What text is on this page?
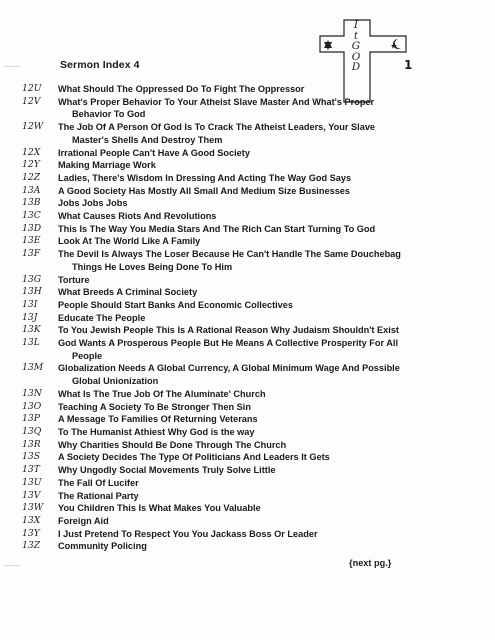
Sermon Index 4
I
t
G
O
D	1
12U	What Should The Oppressed Do To Fight The Oppressor
12V	What's Proper Behavior To Your Atheist Slave Master And What's Proper
Behavior To God
12W	The Job Of A Person Of God Is To Crack The Atheist Leaders, Your Slave
Master's Shells And Destroy Them
12X	Irrational People Can't Have A Good Society
12Y	Making Marriage Work
12Z	Ladies, There's Wisdom In Dressing And Acting The Way God Says
13A	A Good Society Has Mostly All Small And Medium Size Businesses
13B	Jobs Jobs Jobs
13C	What Causes Riots And Revolutions
13D	This Is The Way You Media Stars And The Rich Can Start Turning To God
13E	Look At The World Like A Family
13F	The Devil Is Always The Loser Because He Can't Handle The Same Douchebag
Things He Loves Being Done To Him
13G	Torture
13H	What Breeds A Criminal Society
13I	People Should Start Banks And Economic Collectives
13J	Educate The People
13K	To You Jewish People This Is A Rational Reason Why Judaism Shouldn't Exist
13L	God Wants A Prosperous People But He Means A Collective Prosperity For All
People
13M	Globalization Needs A Global Currency, A Global Minimum Wage And Possible
Global Unionization
13N	What Is The True Job Of The Aluminate' Church
13O	Teaching A Society To Be Stronger Then Sin
13P	A Message To Families Of Returning Veterans
13Q	To The Humanist Athiest Why God is the way
13R	Why Charities Should Be Done Through The Church
13S	A Society Decides The Type Of Politicians And Leaders It Gets
13T	Why Ungodly Social Movements Truly Solve Little
13U	The Fall Of Lucifer
13V	The Rational Party
13W	You Children This Is What Makes You Valuable
13X	Foreign Aid
13Y	I Just Pretend To Respect You You Jackass Boss Or Leader
13Z	Community Policing
{next pg.}
